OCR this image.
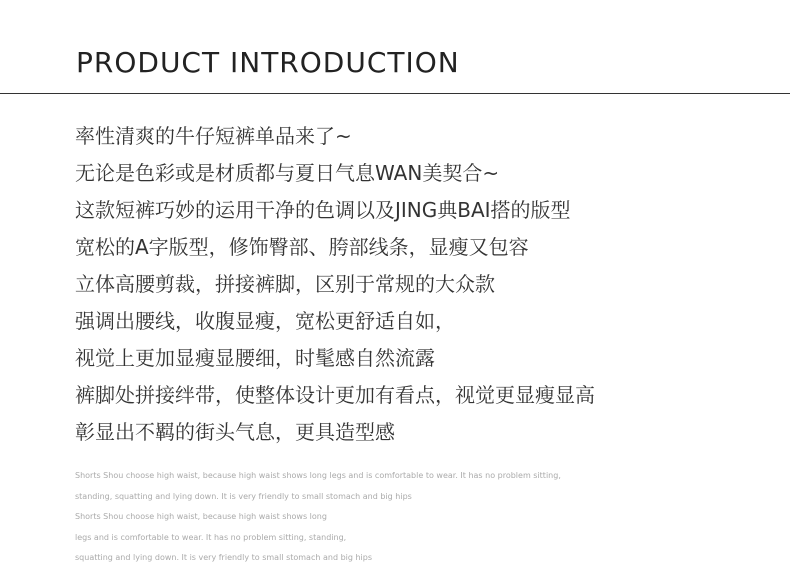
PRODUCT INTRODUCTION
率性清爽的牛仔短裤单品来了~
无论是色彩或是材质都与夏日气息WAN美契合~
这款短裤巧妙的运用干净的色调以及JING典BAI搭的版型
宽松的A字版型，修饰臀部、胯部线条，显瘦又包容
立体高腰剪裁，拼接裤脚，区别于常规的大众款
强调出腰线，收腹显瘦，宽松更舒适自如，
视觉上更加显瘦显腰细，时髦感自然流露
裤脚处拼接绊带，使整体设计更加有看点，视觉更显瘦显高
彰显出不羁的街头气息，更具造型感
Shorts Shou choose high waist, because high waist shows long legs and is comfortable to wear. It has no problem sitting,
standing, squatting and lying down. It is very friendly to small stomach and big hips
Shorts Shou choose high waist, because high waist shows long
legs and is comfortable to wear. It has no problem sitting, standing,
squatting and lying down. It is very friendly to small stomach and big hips
